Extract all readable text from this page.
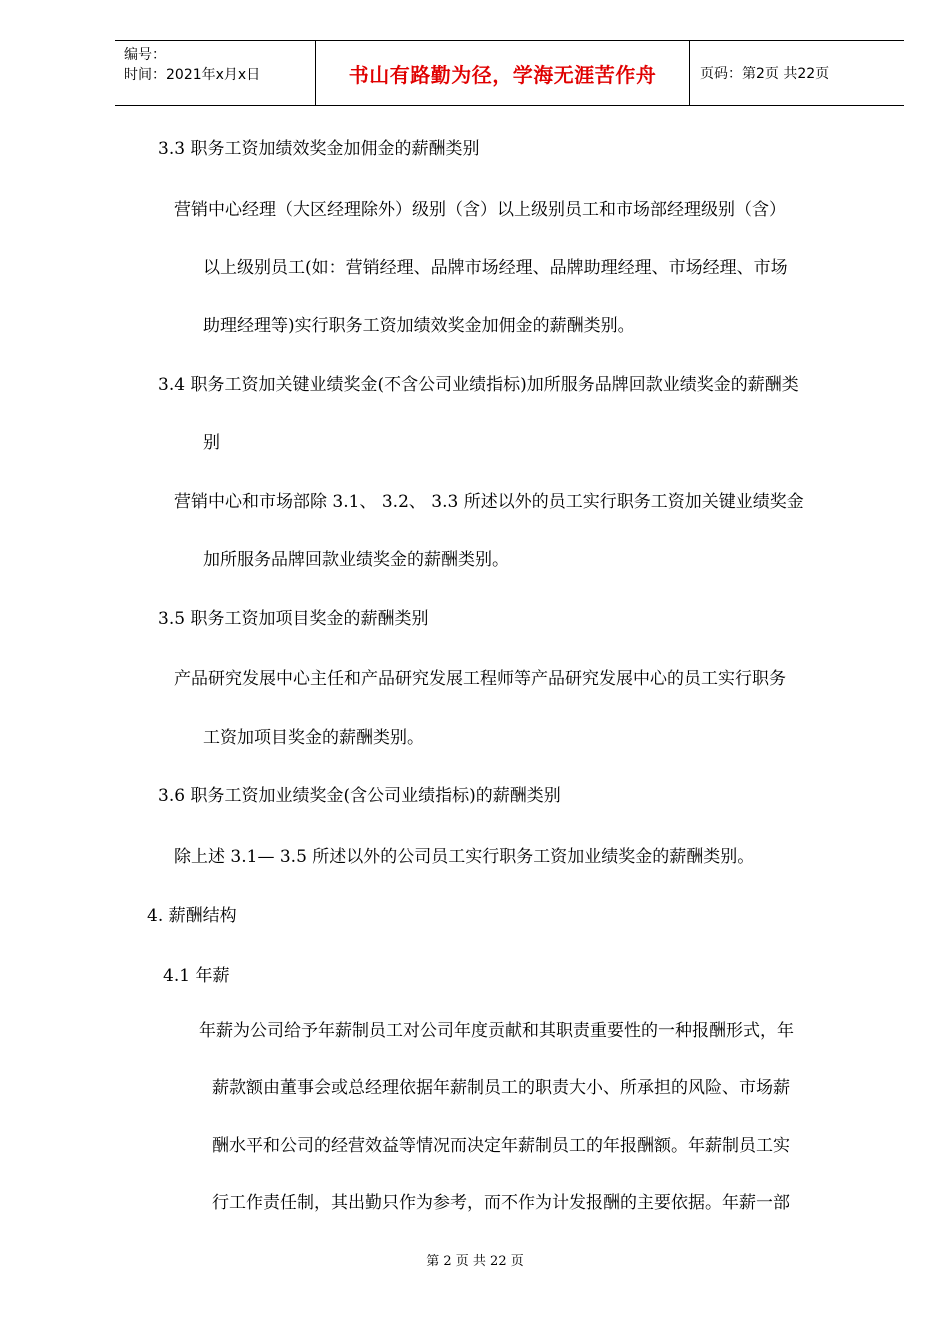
编号：
时间：2021年x月x日	书山有路勤为径，学海无涯苦作舟	页码：第2页 共22页
3.3 职务工资加绩效奖金加佣金的薪酬类别
营销中心经理（大区经理除外）级别（含）以上级别员工和市场部经理级别（含）
以上级别员工(如：营销经理、品牌市场经理、品牌助理经理、市场经理、市场
助理经理等)实行职务工资加绩效奖金加佣金的薪酬类别。
3.4 职务工资加关键业绩奖金(不含公司业绩指标)加所服务品牌回款业绩奖金的薪酬类
别
营销中心和市场部除 3.1、 3.2、 3.3 所述以外的员工实行职务工资加关键业绩奖金
加所服务品牌回款业绩奖金的薪酬类别。
3.5 职务工资加项目奖金的薪酬类别
产品研究发展中心主任和产品研究发展工程师等产品研究发展中心的员工实行职务
工资加项目奖金的薪酬类别。
3.6 职务工资加业绩奖金(含公司业绩指标)的薪酬类别
除上述 3.1— 3.5 所述以外的公司员工实行职务工资加业绩奖金的薪酬类别。
4. 薪酬结构
4.1 年薪
年薪为公司给予年薪制员工对公司年度贡献和其职责重要性的一种报酬形式，年
薪款额由董事会或总经理依据年薪制员工的职责大小、所承担的风险、市场薪
酬水平和公司的经营效益等情况而决定年薪制员工的年报酬额。年薪制员工实
行工作责任制，其出勤只作为参考，而不作为计发报酬的主要依据。年薪一部
第 2 页 共 22 页
